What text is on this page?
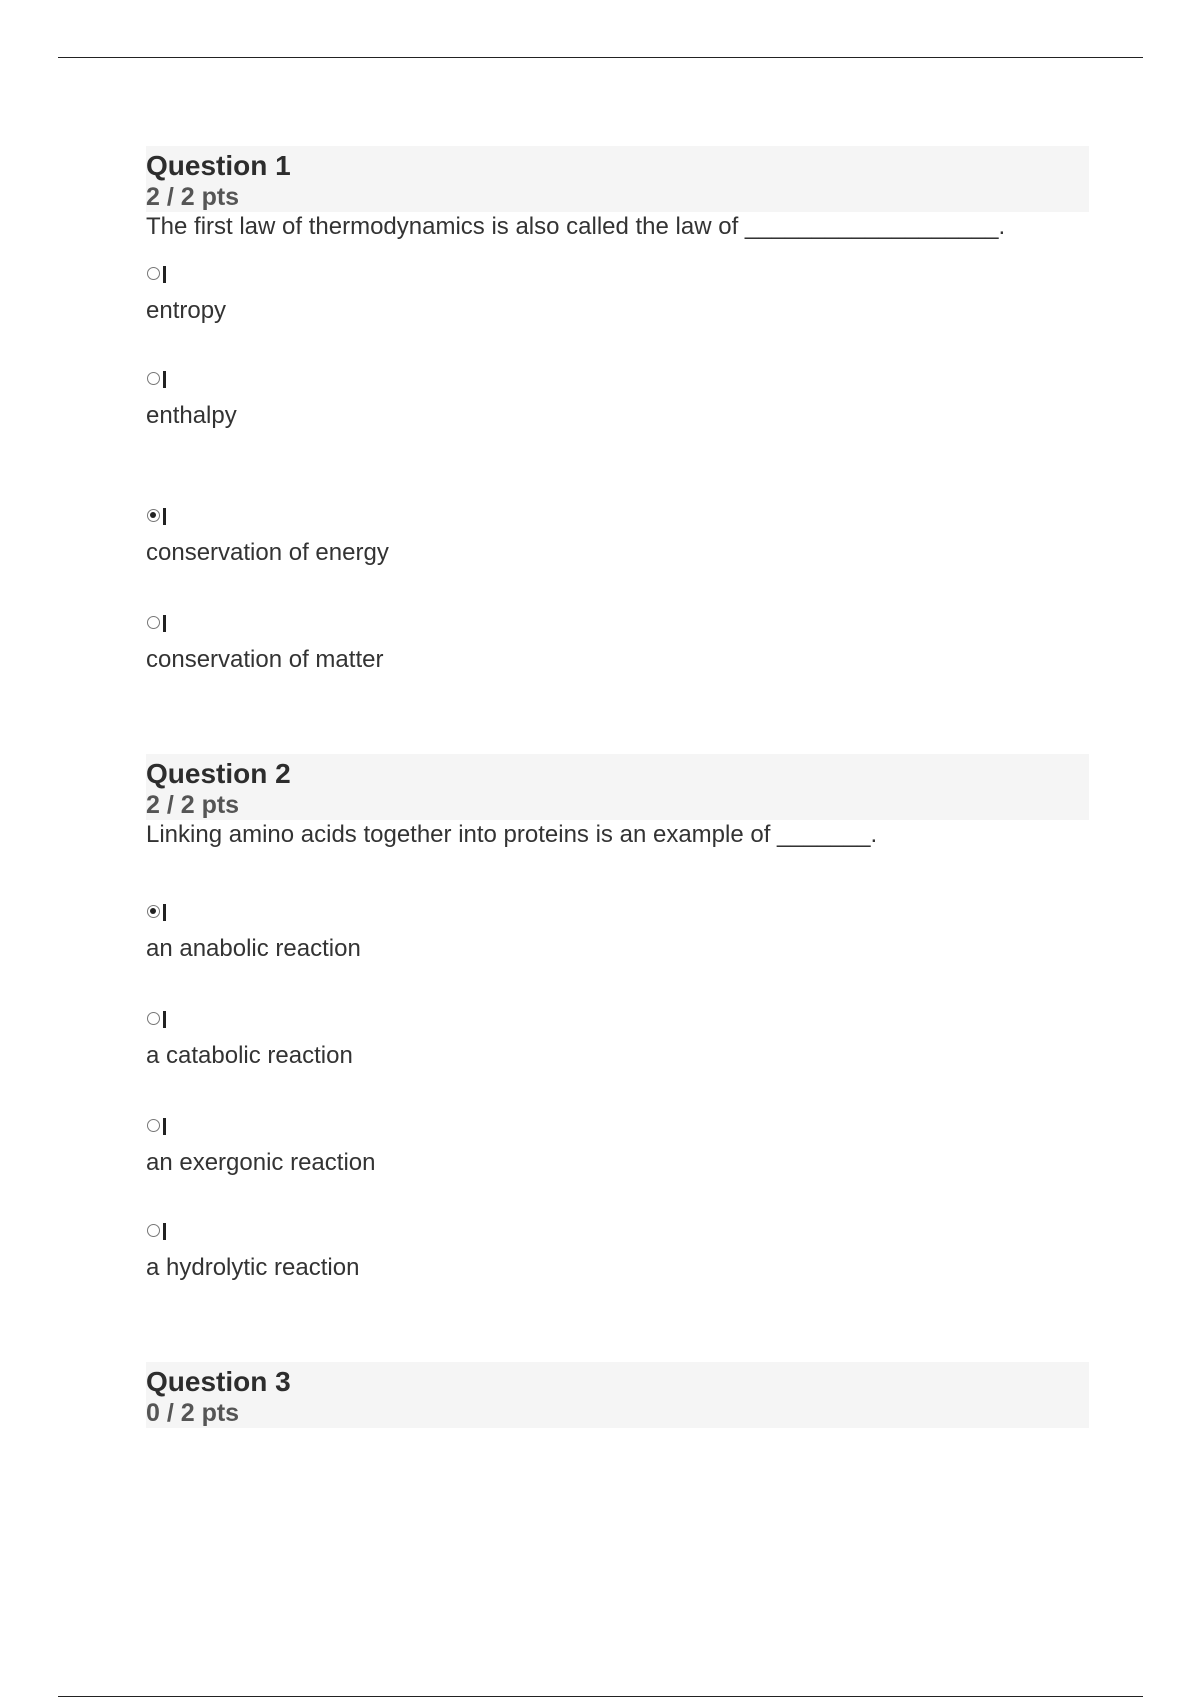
Question 1
2 / 2 pts
The first law of thermodynamics is also called the law of ___________________.
entropy
enthalpy
conservation of energy
conservation of matter
Question 2
2 / 2 pts
Linking amino acids together into proteins is an example of _______.
an anabolic reaction
a catabolic reaction
an exergonic reaction
a hydrolytic reaction
Question 3
0 / 2 pts
